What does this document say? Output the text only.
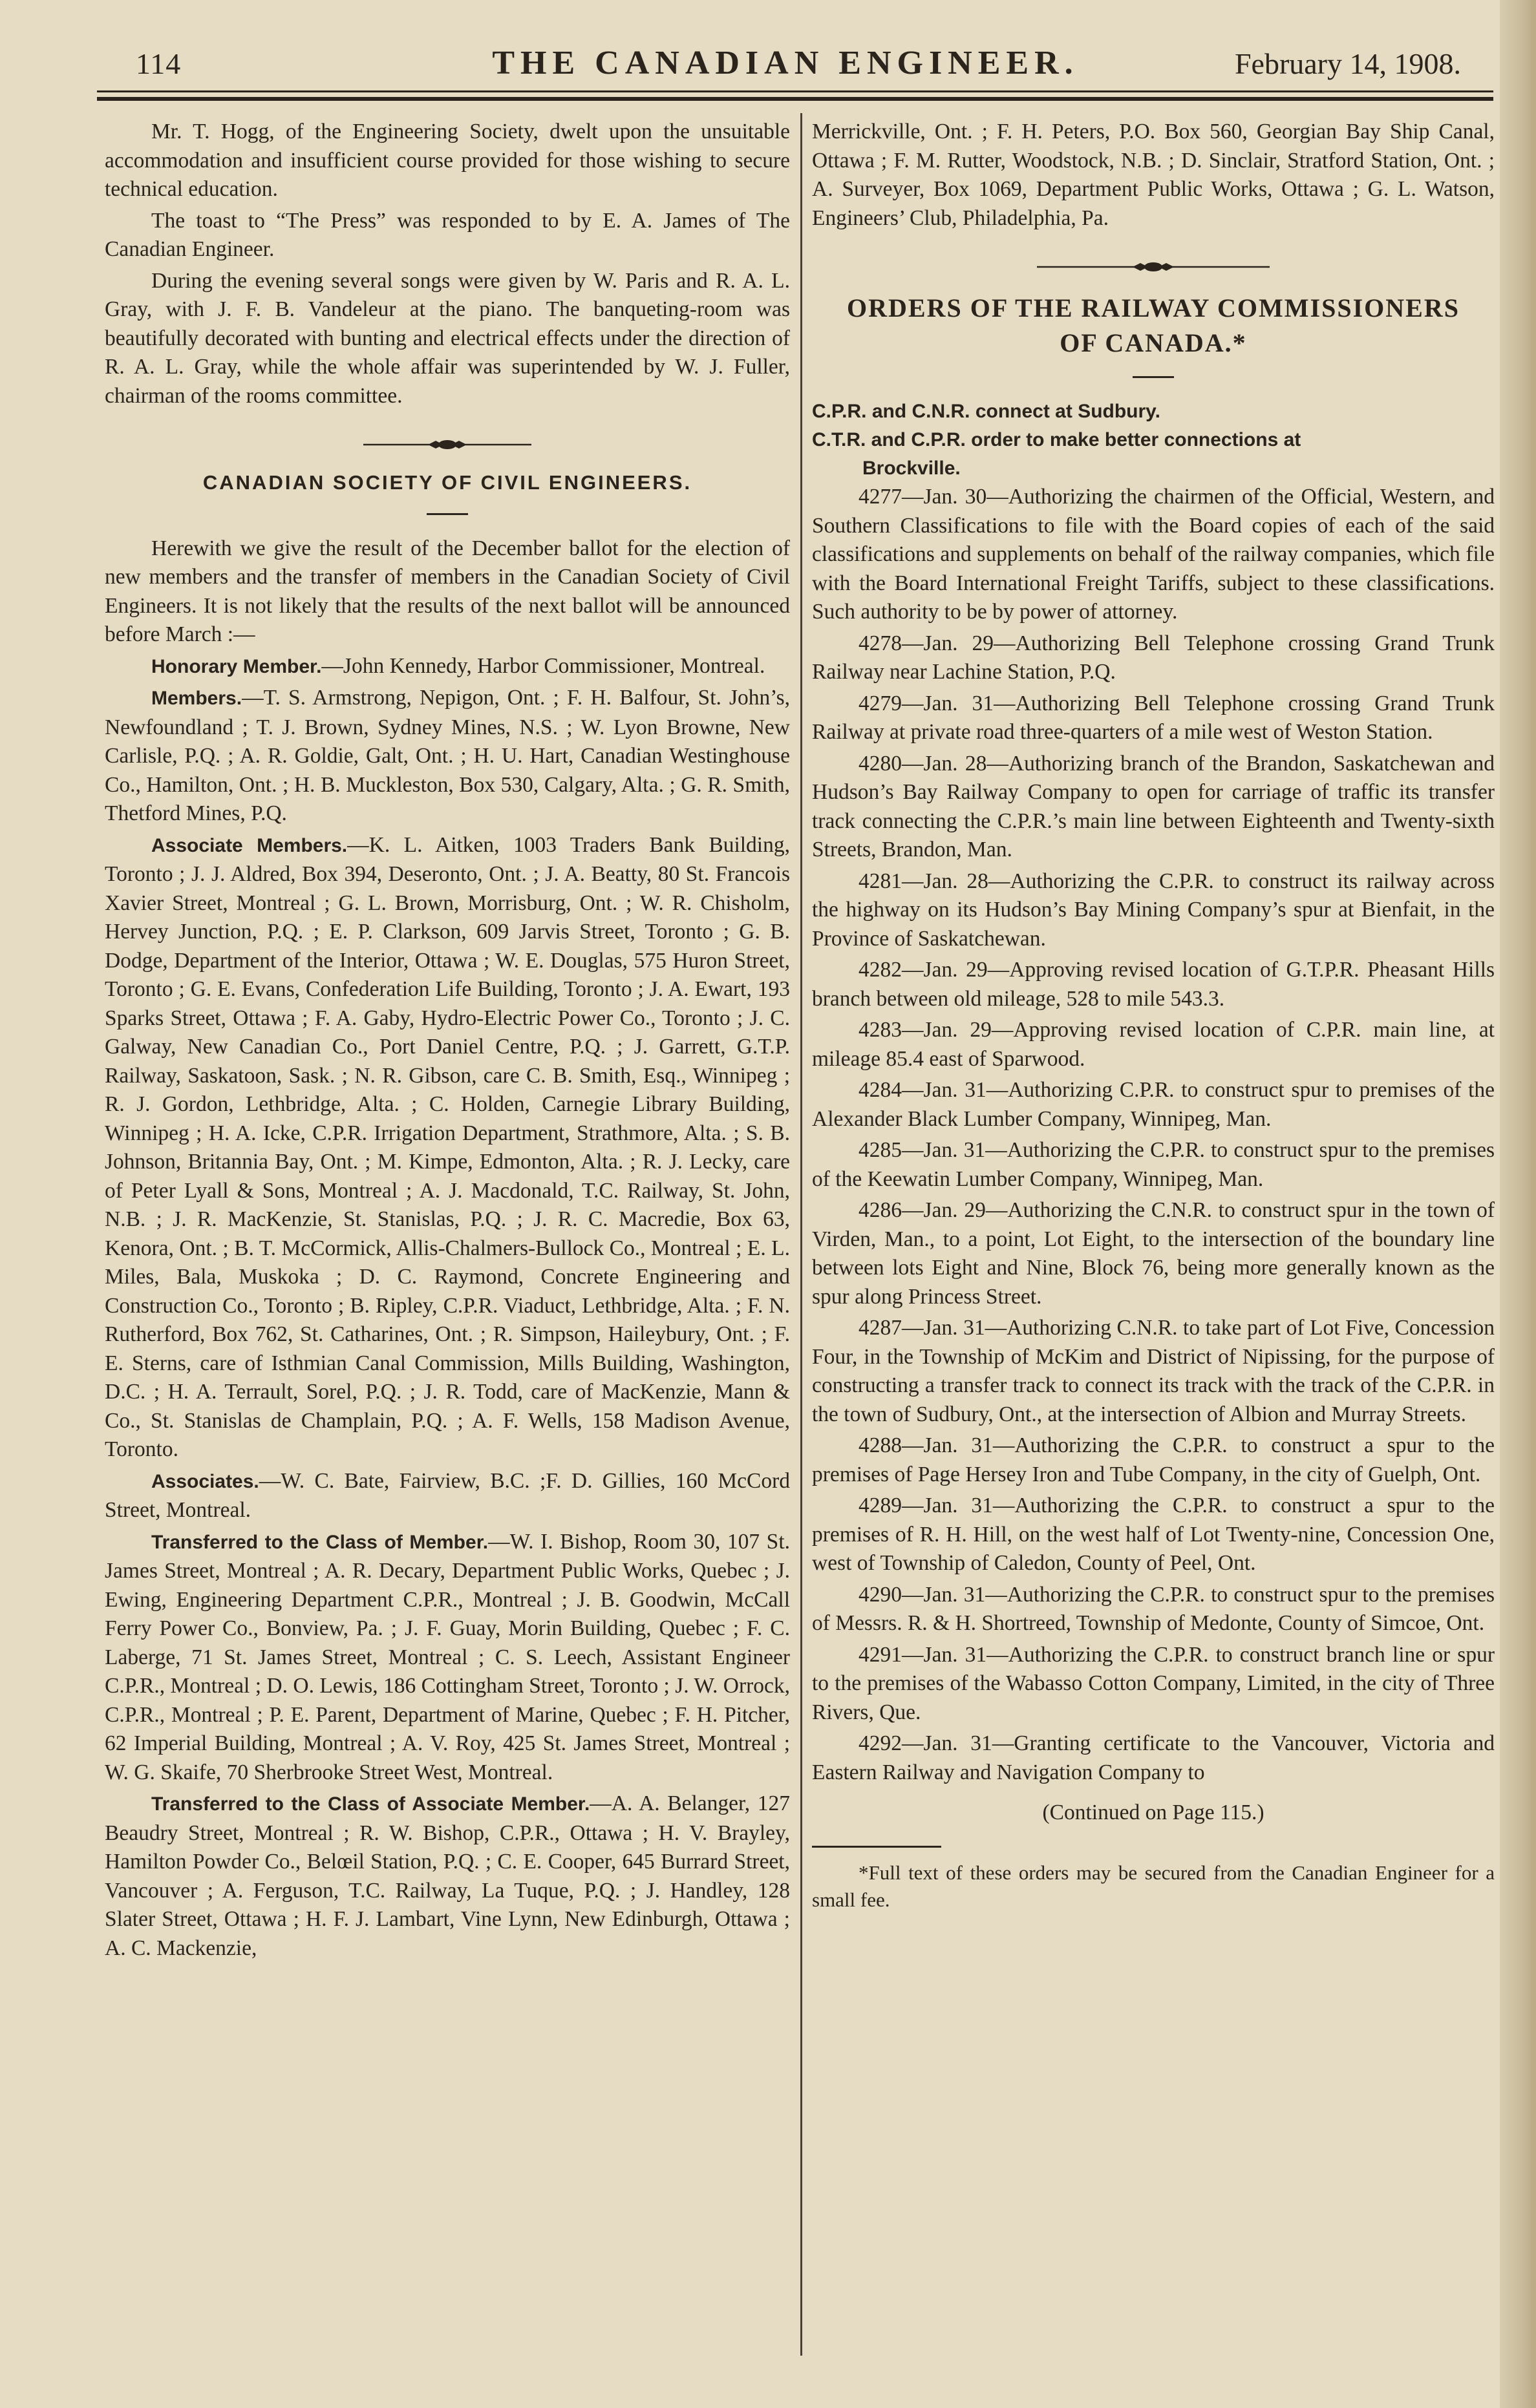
114	THE CANADIAN ENGINEER.	February 14, 1908.

Mr. T. Hogg, of the Engineering Society, dwelt upon the unsuitable accommodation and insufficient course provided for those wishing to secure technical education.

The toast to “The Press” was responded to by E. A. James of The Canadian Engineer.

During the evening several songs were given by W. Paris and R. A. L. Gray, with J. F. B. Vandeleur at the piano. The banqueting-room was beautifully decorated with bunting and electrical effects under the direction of R. A. L. Gray, while the whole affair was superintended by W. J. Fuller, chairman of the rooms committee.

CANADIAN SOCIETY OF CIVIL ENGINEERS.

Herewith we give the result of the December ballot for the election of new members and the transfer of members in the Canadian Society of Civil Engineers. It is not likely that the results of the next ballot will be announced before March :—

Honorary Member.—John Kennedy, Harbor Commissioner, Montreal.

Members.—T. S. Armstrong, Nepigon, Ont. ; F. H. Balfour, St. John’s, Newfoundland ; T. J. Brown, Sydney Mines, N.S. ; W. Lyon Browne, New Carlisle, P.Q. ; A. R. Goldie, Galt, Ont. ; H. U. Hart, Canadian Westinghouse Co., Hamilton, Ont. ; H. B. Muckleston, Box 530, Calgary, Alta. ; G. R. Smith, Thetford Mines, P.Q.

Associate Members.—K. L. Aitken, 1003 Traders Bank Building, Toronto ; J. J. Aldred, Box 394, Deseronto, Ont. ; J. A. Beatty, 80 St. Francois Xavier Street, Montreal ; G. L. Brown, Morrisburg, Ont. ; W. R. Chisholm, Hervey Junction, P.Q. ; E. P. Clarkson, 609 Jarvis Street, Toronto ; G. B. Dodge, Department of the Interior, Ottawa ; W. E. Douglas, 575 Huron Street, Toronto ; G. E. Evans, Confederation Life Building, Toronto ; J. A. Ewart, 193 Sparks Street, Ottawa ; F. A. Gaby, Hydro-Electric Power Co., Toronto ; J. C. Galway, New Canadian Co., Port Daniel Centre, P.Q. ; J. Garrett, G.T.P. Railway, Saskatoon, Sask. ; N. R. Gibson, care C. B. Smith, Esq., Winnipeg ; R. J. Gordon, Lethbridge, Alta. ; C. Holden, Carnegie Library Building, Winnipeg ; H. A. Icke, C.P.R. Irrigation Department, Strathmore, Alta. ; S. B. Johnson, Britannia Bay, Ont. ; M. Kimpe, Edmonton, Alta. ; R. J. Lecky, care of Peter Lyall & Sons, Montreal ; A. J. Macdonald, T.C. Railway, St. John, N.B. ; J. R. MacKenzie, St. Stanislas, P.Q. ; J. R. C. Macredie, Box 63, Kenora, Ont. ; B. T. McCormick, Allis-Chalmers-Bullock Co., Montreal ; E. L. Miles, Bala, Muskoka ; D. C. Raymond, Concrete Engineering and Construction Co., Toronto ; B. Ripley, C.P.R. Viaduct, Lethbridge, Alta. ; F. N. Rutherford, Box 762, St. Catharines, Ont. ; R. Simpson, Haileybury, Ont. ; F. E. Sterns, care of Isthmian Canal Commission, Mills Building, Washington, D.C. ; H. A. Terrault, Sorel, P.Q. ; J. R. Todd, care of MacKenzie, Mann & Co., St. Stanislas de Champlain, P.Q. ; A. F. Wells, 158 Madison Avenue, Toronto.

Associates.—W. C. Bate, Fairview, B.C. ;F. D. Gillies, 160 McCord Street, Montreal.

Transferred to the Class of Member.—W. I. Bishop, Room 30, 107 St. James Street, Montreal ; A. R. Decary, Department Public Works, Quebec ; J. Ewing, Engineering Department C.P.R., Montreal ; J. B. Goodwin, McCall Ferry Power Co., Bonview, Pa. ; J. F. Guay, Morin Building, Quebec ; F. C. Laberge, 71 St. James Street, Montreal ; C. S. Leech, Assistant Engineer C.P.R., Montreal ; D. O. Lewis, 186 Cottingham Street, Toronto ; J. W. Orrock, C.P.R., Montreal ; P. E. Parent, Department of Marine, Quebec ; F. H. Pitcher, 62 Imperial Building, Montreal ; A. V. Roy, 425 St. James Street, Montreal ; W. G. Skaife, 70 Sherbrooke Street West, Montreal.

Transferred to the Class of Associate Member.—A. A. Belanger, 127 Beaudry Street, Montreal ; R. W. Bishop, C.P.R., Ottawa ; H. V. Brayley, Hamilton Powder Co., Belœil Station, P.Q. ; C. E. Cooper, 645 Burrard Street, Vancouver ; A. Ferguson, T.C. Railway, La Tuque, P.Q. ; J. Handley, 128 Slater Street, Ottawa ; H. F. J. Lambart, Vine Lynn, New Edinburgh, Ottawa ; A. C. Mackenzie,

Merrickville, Ont. ; F. H. Peters, P.O. Box 560, Georgian Bay Ship Canal, Ottawa ; F. M. Rutter, Woodstock, N.B. ; D. Sinclair, Stratford Station, Ont. ; A. Surveyer, Box 1069, Department Public Works, Ottawa ; G. L. Watson, Engineers’ Club, Philadelphia, Pa.

ORDERS OF THE RAILWAY COMMISSIONERS
OF CANADA.*
C.P.R. and C.N.R. connect at Sudbury.
C.T.R. and C.P.R. order to make better connections at
Brockville.

4277—Jan. 30—Authorizing the chairmen of the Official, Western, and Southern Classifications to file with the Board copies of each of the said classifications and supplements on behalf of the railway companies, which file with the Board International Freight Tariffs, subject to these classifications. Such authority to be by power of attorney.

4278—Jan. 29—Authorizing Bell Telephone crossing Grand Trunk Railway near Lachine Station, P.Q.

4279—Jan. 31—Authorizing Bell Telephone crossing Grand Trunk Railway at private road three-quarters of a mile west of Weston Station.

4280—Jan. 28—Authorizing branch of the Brandon, Saskatchewan and Hudson’s Bay Railway Company to open for carriage of traffic its transfer track connecting the C.P.R.’s main line between Eighteenth and Twenty-sixth Streets, Brandon, Man.

4281—Jan. 28—Authorizing the C.P.R. to construct its railway across the highway on its Hudson’s Bay Mining Company’s spur at Bienfait, in the Province of Saskatchewan.

4282—Jan. 29—Approving revised location of G.T.P.R. Pheasant Hills branch between old mileage, 528 to mile 543.3.

4283—Jan. 29—Approving revised location of C.P.R. main line, at mileage 85.4 east of Sparwood.

4284—Jan. 31—Authorizing C.P.R. to construct spur to premises of the Alexander Black Lumber Company, Winnipeg, Man.

4285—Jan. 31—Authorizing the C.P.R. to construct spur to the premises of the Keewatin Lumber Company, Winnipeg, Man.

4286—Jan. 29—Authorizing the C.N.R. to construct spur in the town of Virden, Man., to a point, Lot Eight, to the intersection of the boundary line between lots Eight and Nine, Block 76, being more generally known as the spur along Princess Street.

4287—Jan. 31—Authorizing C.N.R. to take part of Lot Five, Concession Four, in the Township of McKim and District of Nipissing, for the purpose of constructing a transfer track to connect its track with the track of the C.P.R. in the town of Sudbury, Ont., at the intersection of Albion and Murray Streets.

4288—Jan. 31—Authorizing the C.P.R. to construct a spur to the premises of Page Hersey Iron and Tube Company, in the city of Guelph, Ont.

4289—Jan. 31—Authorizing the C.P.R. to construct a spur to the premises of R. H. Hill, on the west half of Lot Twenty-nine, Concession One, west of Township of Caledon, County of Peel, Ont.

4290—Jan. 31—Authorizing the C.P.R. to construct spur to the premises of Messrs. R. & H. Shortreed, Township of Medonte, County of Simcoe, Ont.

4291—Jan. 31—Authorizing the C.P.R. to construct branch line or spur to the premises of the Wabasso Cotton Company, Limited, in the city of Three Rivers, Que.

4292—Jan. 31—Granting certificate to the Vancouver, Victoria and Eastern Railway and Navigation Company to

(Continued on Page 115.)

*Full text of these orders may be secured from the Canadian Engineer for a small fee.
